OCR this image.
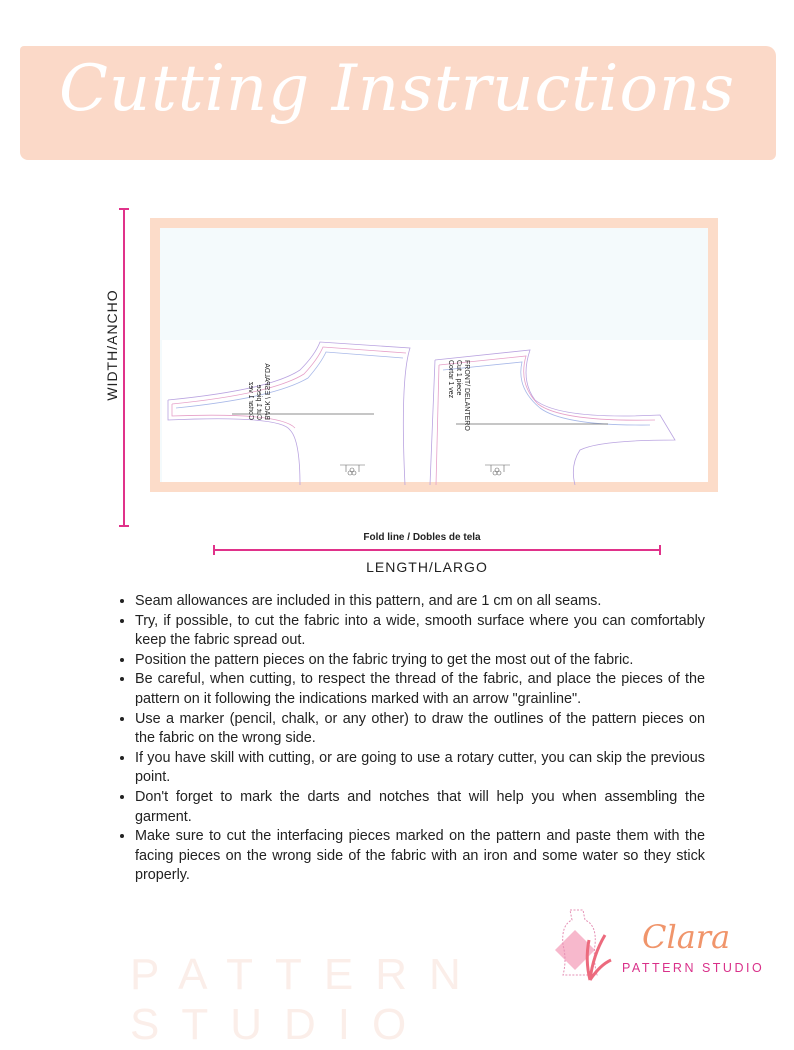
PATTERN STUDIO
Cutting Instructions
BACK / ESPALDA
Cut 1 piece
Cortar 1 vez	FRONT/ DELANTERO
Cut 1 piece
Cortar 1 vez
WIDTH/ANCHO
Fold line / Dobles de tela
LENGTH/LARGO
• Seam allowances are included in this pattern, and are 1 cm on all seams.
• Try, if possible, to cut the fabric into a wide, smooth surface where you can comfortably keep the fabric spread out.
• Position the pattern pieces on the fabric trying to get the most out of the fabric.
• Be careful, when cutting, to respect the thread of the fabric, and place the pieces of the pattern on it following the indications marked with an arrow "grainline".
• Use a marker (pencil, chalk, or any other) to draw the outlines of the pattern pieces on the fabric on the wrong side.
• If you have skill with cutting, or are going to use a rotary cutter, you can skip the previous point.
• Don't forget to mark the darts and notches that will help you when assembling the garment.
• Make sure to cut the interfacing pieces marked on the pattern and paste them with the facing pieces on the wrong side of the fabric with an iron and some water so they stick properly.
Clara
PATTERN STUDIO
